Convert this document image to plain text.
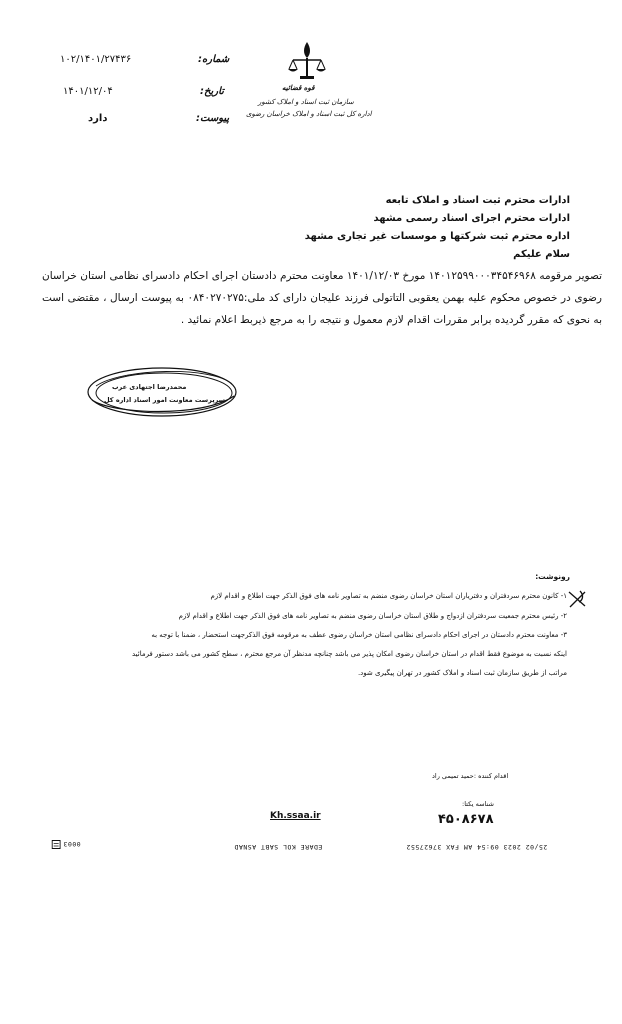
۱۰۲/۱۴۰۱/۲۷۴۳۶	شماره:
۱۴۰۱/۱۲/۰۴	تاریخ:
دارد	پیوست:
قوه قضائیه
سازمان ثبت اسناد و املاک کشور
اداره کل ثبت اسناد و املاک خراسان رضوی
ادارات محترم ثبت اسناد و املاک تابعه
ادارات محترم اجرای اسناد رسمی مشهد
اداره محترم ثبت شرکتها و موسسات غیر تجاری مشهد
سلام علیکم
تصویر مرقومه ۱۴۰۱۲۵۹۹۰۰۰۳۴۵۴۶۹۶۸ مورخ ۱۴۰۱/۱۲/۰۳ معاونت محترم دادستان اجرای احکام دادسرای نظامی استان خراسان رضوی در خصوص محکوم علیه بهمن یعقوبی التاتولی فرزند علیجان دارای کد ملی:۰۸۴۰۲۷۰۲۷۵ به پیوست ارسال ، مقتضی است به نحوی که مقرر گردیده برابر مقررات اقدام لازم معمول و نتیجه را به مرجع ذیربط اعلام نمائید .
محمدرضا اجتهادی عرب
سرپرست معاونت امور اسناد اداره کل
رونوشت:
۱- کانون محترم سردفتران و دفتریاران استان خراسان رضوی منضم به تصاویر نامه های فوق الذکر جهت اطلاع و اقدام لازم
۲- رئیس محترم جمعیت سردفتران ازدواج و طلاق استان خراسان رضوی منضم به تصاویر نامه های فوق الذکر جهت اطلاع و اقدام لازم
۳- معاونت محترم دادستان در اجرای احکام دادسرای نظامی استان خراسان رضوی عطف به مرقومه فوق الذکرجهت استحضار ، ضمنا با توجه به
اینکه نسبت به موضوع فقط اقدام در استان خراسان رضوی امکان پذیر می باشد چنانچه مدنظر آن مرجع محترم ، سطح کشور می باشد دستور فرمائید
مراتب از طریق سازمان ثبت اسناد و املاک کشور در تهران پیگیری شود.
اقدام کننده :حمید تمیمی راد
شناسه یکتا:
۴۵۰۸۶۷۸
Kh.ssaa.ir
25/02 2023 09:54 AM FAX 37627552
EDARE KOL SABT ASNAD
0003
